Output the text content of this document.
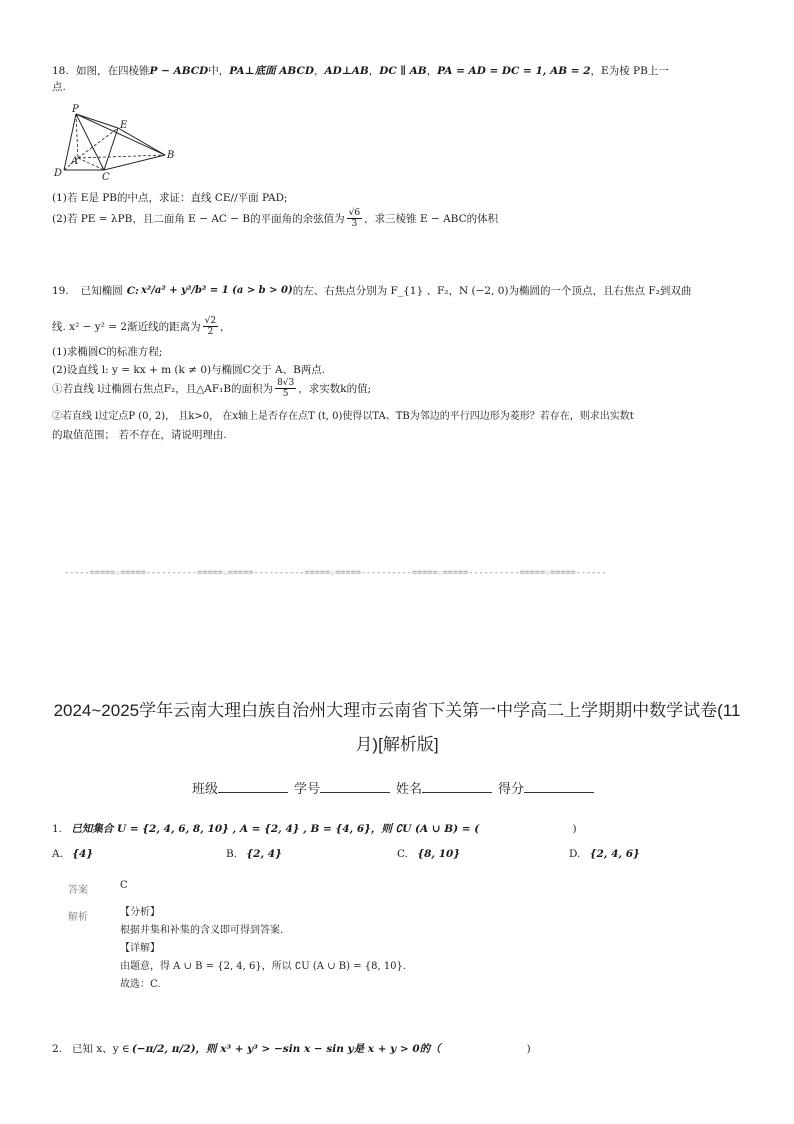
18. 如图，在四棱锥P − ABCD中，PA⊥底面 ABCD，AD⊥AB，DC ∥ AB，PA = AD = DC = 1, AB = 2，E为棱 PB上一
点.
P
E
A
D	C
B
(1)若 E是 PB的中点，求证：直线 CE//平面 PAD;
(2)若 PE = λPB，且二面角 E − AC − B的平面角的余弦值为 $\frac{√6}{3}$ ，求三棱锥 E − ABC的体积
19. 已知椭圆 C: x²/a² + y²/b² = 1 (a > b > 0) 的左、右焦点分别为 F_{1} 、F₂，N (−2, 0)为椭圆的一个顶点，且右焦点 F₂到双曲
线. x² − y² = 2渐近线的距离为 $\frac{√2}{2}$ ，
(1)求椭圆C的标准方程;
(2)设直线 l: y = kx + m (k ≠ 0)与椭圆C交于 A、B两点.
①若直线 l过椭圆右焦点F₂，且△AF₁B的面积为 $\frac{8√3}{5}$ ，求实数k的值;
②若直线 l过定点P (0, 2)， 且k>0， 在x轴上是否存在点T (t, 0)使得以TA、TB为邻边的平行四边形为菱形？若存在，则求出实数t
的取值范围； 若不存在，请说明理由.
-----=====☆=====----------=====☆=====----------=====☆=====----------=====☆=====----------=====☆=====------
2024~2025学年云南大理白族自治州大理市云南省下关第一中学高二上学期期中数学试卷(11
月)[解析版]
班级	学号	姓名	得分
1. 已知集合 U = {2, 4, 6, 8, 10} , A = {2, 4} , B = {4, 6}，则 ∁U (A ∪ B) = (	)
A. {4}	B. {2, 4}	C. {8, 10}	D. {2, 4, 6}
答案	C
解析	【分析】
根据并集和补集的含义即可得到答案.
【详解】
由题意，得 A ∪ B = {2, 4, 6}，所以 ∁U (A ∪ B) = {8, 10}.
故选：C.
2. 已知 x、y ∈ (−π/2, π/2) ，则 x³ + y³ > −sin x − sin y是 x + y > 0的（	)
